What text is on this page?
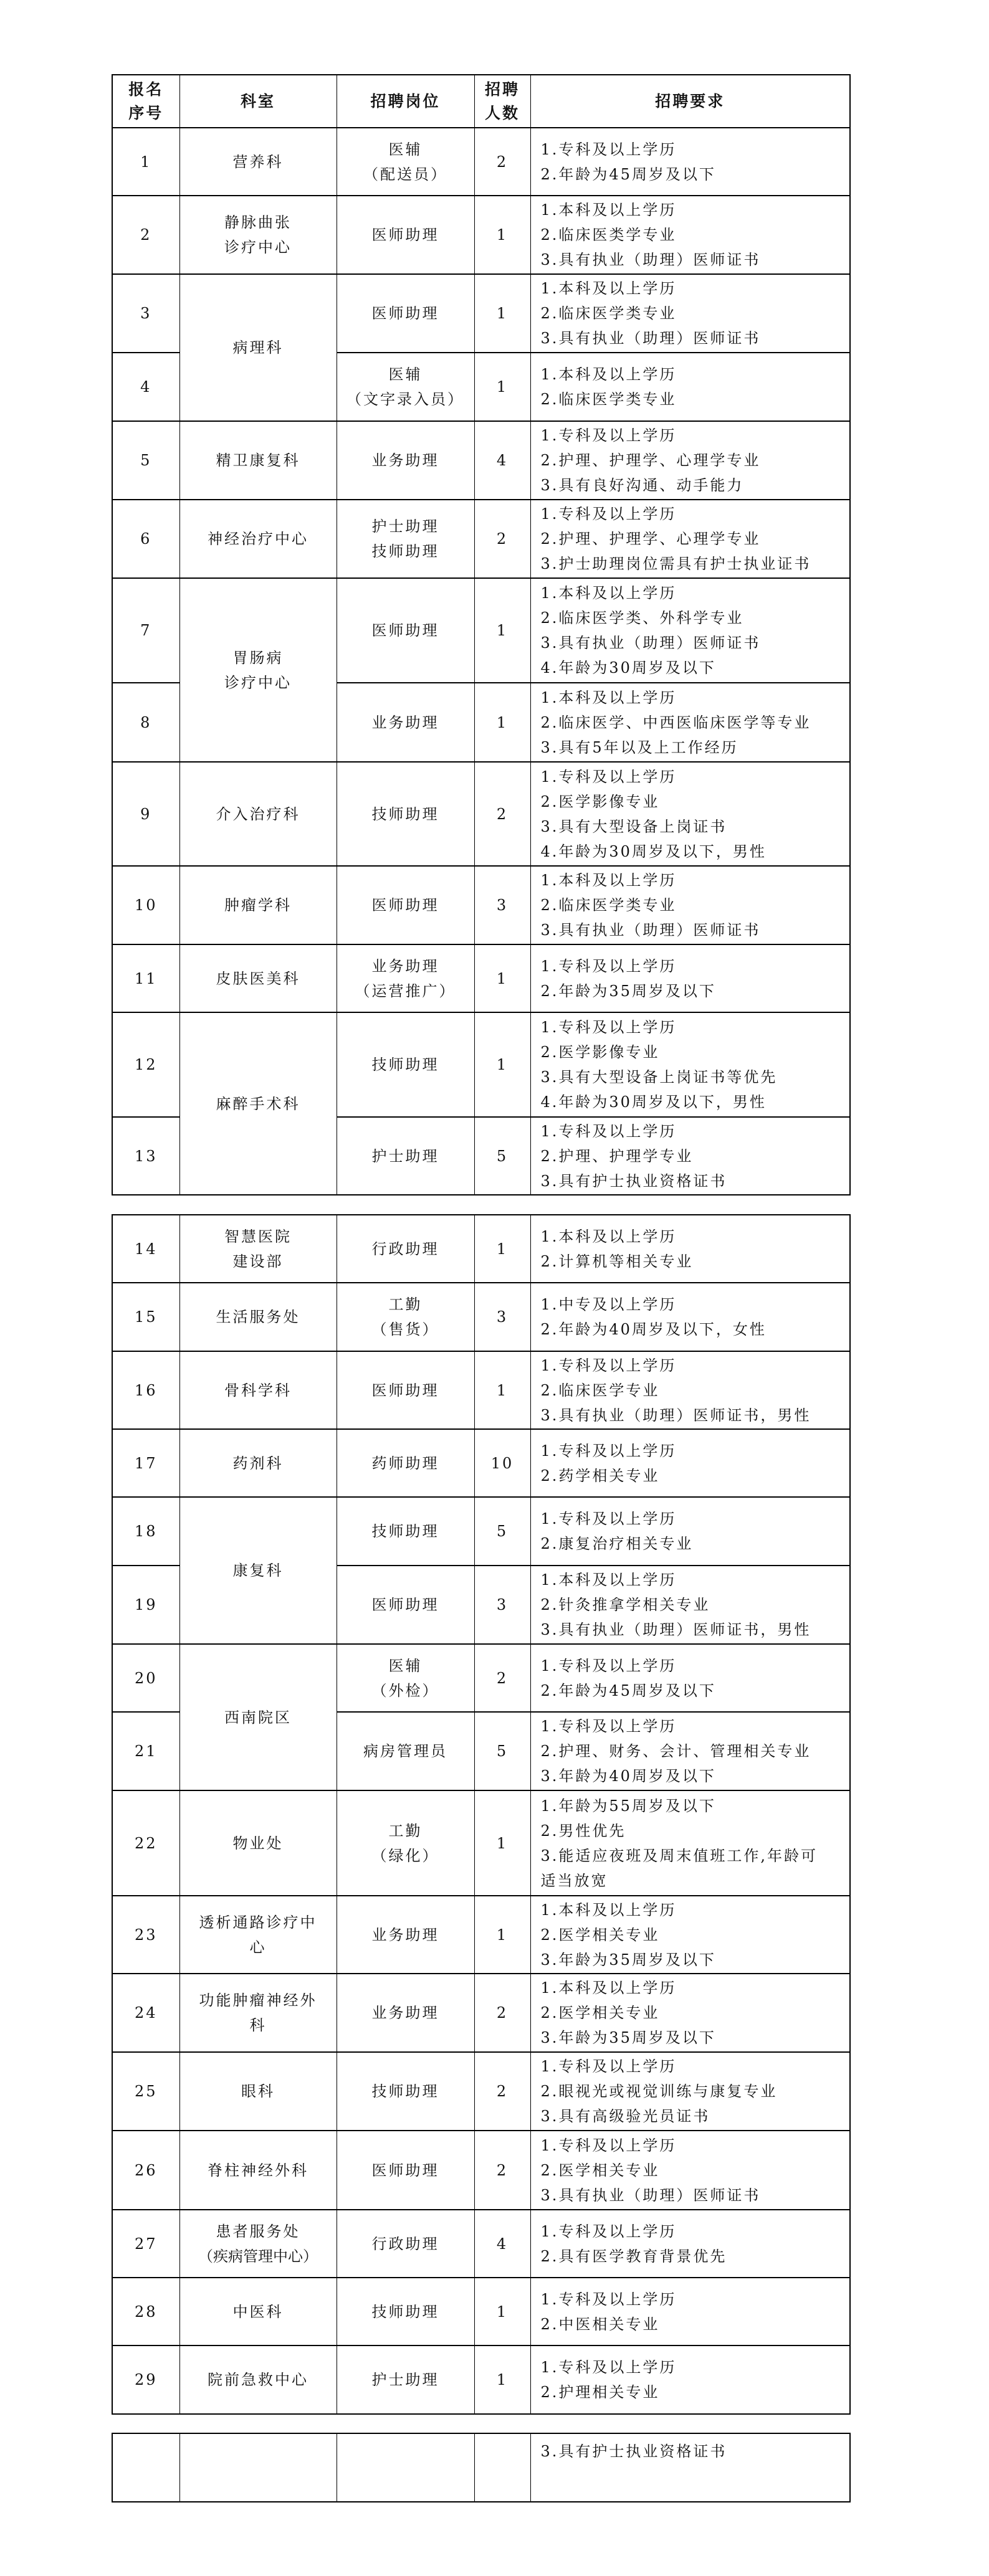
报名
序号	科室	招聘岗位	招聘
人数	招聘要求
1	营养科	医辅
（配送员）	2	1.专科及以上学历
2.年龄为45周岁及以下

2	静脉曲张
诊疗中心	医师助理	1	1.本科及以上学历
2.临床医类学专业
3.具有执业（助理）医师证书

3	病理科	医师助理	1	1.本科及以上学历
2.临床医学类专业
3.具有执业（助理）医师证书

4		医辅
（文字录入员）	1	1.本科及以上学历
2.临床医学类专业

5	精卫康复科	业务助理	4	1.专科及以上学历
2.护理、护理学、心理学专业
3.具有良好沟通、动手能力

6	神经治疗中心	护士助理
技师助理	2	1.专科及以上学历
2.护理、护理学、心理学专业
3.护士助理岗位需具有护士执业证书

7	胃肠病
诊疗中心	医师助理	1	1.本科及以上学历
2.临床医学类、外科学专业
3.具有执业（助理）医师证书
4.年龄为30周岁及以下

8		业务助理	1	1.本科及以上学历
2.临床医学、中西医临床医学等专业
3.具有5年以及上工作经历

9	介入治疗科	技师助理	2	1.专科及以上学历
2.医学影像专业
3.具有大型设备上岗证书
4.年龄为30周岁及以下，男性

10	肿瘤学科	医师助理	3	1.本科及以上学历
2.临床医学类专业
3.具有执业（助理）医师证书

11	皮肤医美科	业务助理
（运营推广）	1	1.专科及以上学历
2.年龄为35周岁及以下

12	麻醉手术科	技师助理	1	1.专科及以上学历
2.医学影像专业
3.具有大型设备上岗证书等优先
4.年龄为30周岁及以下，男性

13		护士助理	5	1.专科及以上学历
2.护理、护理学专业
3.具有护士执业资格证书
14	智慧医院
建设部	行政助理	1	1.本科及以上学历
2.计算机等相关专业

15	生活服务处	工勤
（售货）	3	1.中专及以上学历
2.年龄为40周岁及以下，女性

16	骨科学科	医师助理	1	1.专科及以上学历
2.临床医学专业
3.具有执业（助理）医师证书，男性

17	药剂科	药师助理	10	1.专科及以上学历
2.药学相关专业

18	康复科	技师助理	5	1.专科及以上学历
2.康复治疗相关专业

19		医师助理	3	1.本科及以上学历
2.针灸推拿学相关专业
3.具有执业（助理）医师证书，男性

20	西南院区	医辅
（外检）	2	1.专科及以上学历
2.年龄为45周岁及以下

21		病房管理员	5	1.专科及以上学历
2.护理、财务、会计、管理相关专业
3.年龄为40周岁及以下

22	物业处	工勤
（绿化）	1	1.年龄为55周岁及以下
2.男性优先
3.能适应夜班及周末值班工作,年龄可
适当放宽

23	透析通路诊疗中
心	业务助理	1	1.本科及以上学历
2.医学相关专业
3.年龄为35周岁及以下

24	功能肿瘤神经外
科	业务助理	2	1.本科及以上学历
2.医学相关专业
3.年龄为35周岁及以下

25	眼科	技师助理	2	1.专科及以上学历
2.眼视光或视觉训练与康复专业
3.具有高级验光员证书

26	脊柱神经外科	医师助理	2	1.专科及以上学历
2.医学相关专业
3.具有执业（助理）医师证书

27	患者服务处
（疾病管理中心）	行政助理	4	1.专科及以上学历
2.具有医学教育背景优先

28	中医科	技师助理	1	1.专科及以上学历
2.中医相关专业

29	院前急救中心	护士助理	1	1.专科及以上学历
2.护理相关专业

3.具有护士执业资格证书
